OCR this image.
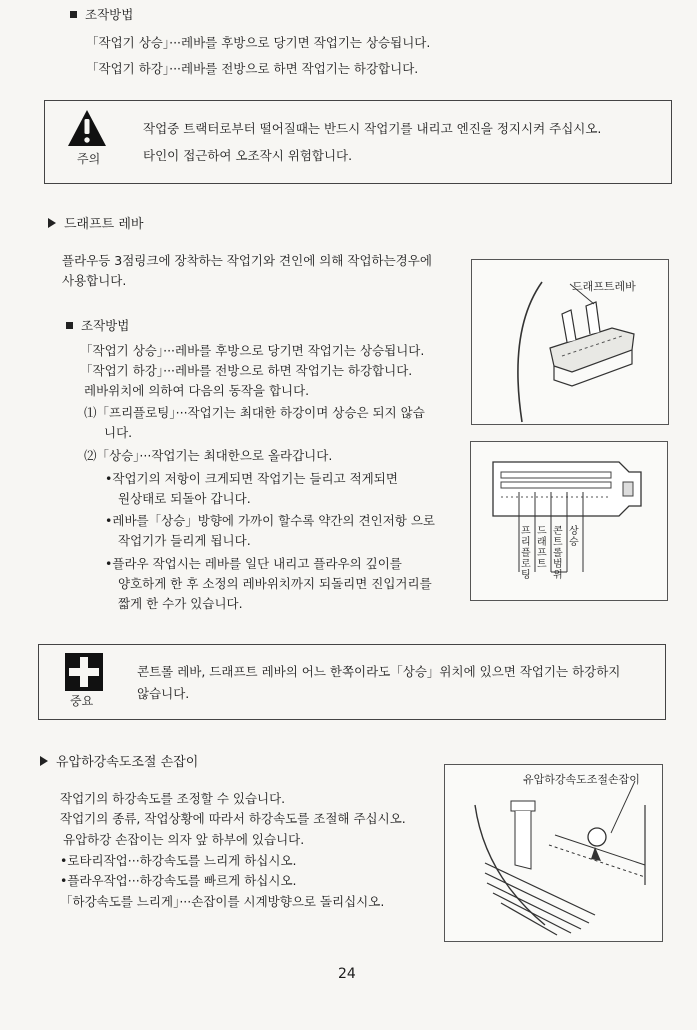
조작방법
「작업기 상승」···레바를 후방으로 당기면 작업기는 상승됩니다.
「작업기 하강」···레바를 전방으로 하면 작업기는 하강합니다.
주의
작업중 트랙터로부터 떨어질때는 반드시 작업기를 내리고 엔진을 정지시켜 주십시오.
타인이 접근하여 오조작시 위험합니다.
드래프트 레바
플라우등 3점링크에 장착하는 작업기와 견인에 의해 작업하는경우에
사용합니다.
조작방법
「작업기 상승」···레바를 후방으로 당기면 작업기는 상승됩니다.
「작업기 하강」···레바를 전방으로 하면 작업기는 하강합니다.
레바위치에 의하여 다음의 동작을 합니다.
⑴「프리플로팅」···작업기는 최대한 하강이며 상승은 되지 않습
니다.
⑵「상승」···작업기는 최대한으로 올라갑니다.
•작업기의 저항이 크게되면 작업기는 들리고 적게되면
원상태로 되돌아 갑니다.
•레바를「상승」방향에 가까이 할수록 약간의 견인저항 으로
작업기가 들리게 됩니다.
•플라우 작업시는 레바를 일단 내리고 플라우의 깊이를
양호하게 한 후 소정의 레바위치까지 되돌리면 진입거리를
짧게 한 수가 있습니다.
드래프트레바
프리플로팅
드래프트
콘트롤 범위
상승
중요
콘트롤 레바, 드래프트 레바의 어느 한쪽이라도「상승」위치에 있으면 작업기는 하강하지
않습니다.
유압하강속도조절 손잡이
작업기의 하강속도를 조정할 수 있습니다.
작업기의 종류, 작업상황에 따라서 하강속도를 조절해 주십시오.
유압하강 손잡이는 의자 앞 하부에 있습니다.
•로타리작업···하강속도를 느리게 하십시오.
•플라우작업···하강속도를 빠르게 하십시오.
「하강속도를 느리게」···손잡이를 시계방향으로 돌리십시오.
유압하강속도조절손잡이
24
